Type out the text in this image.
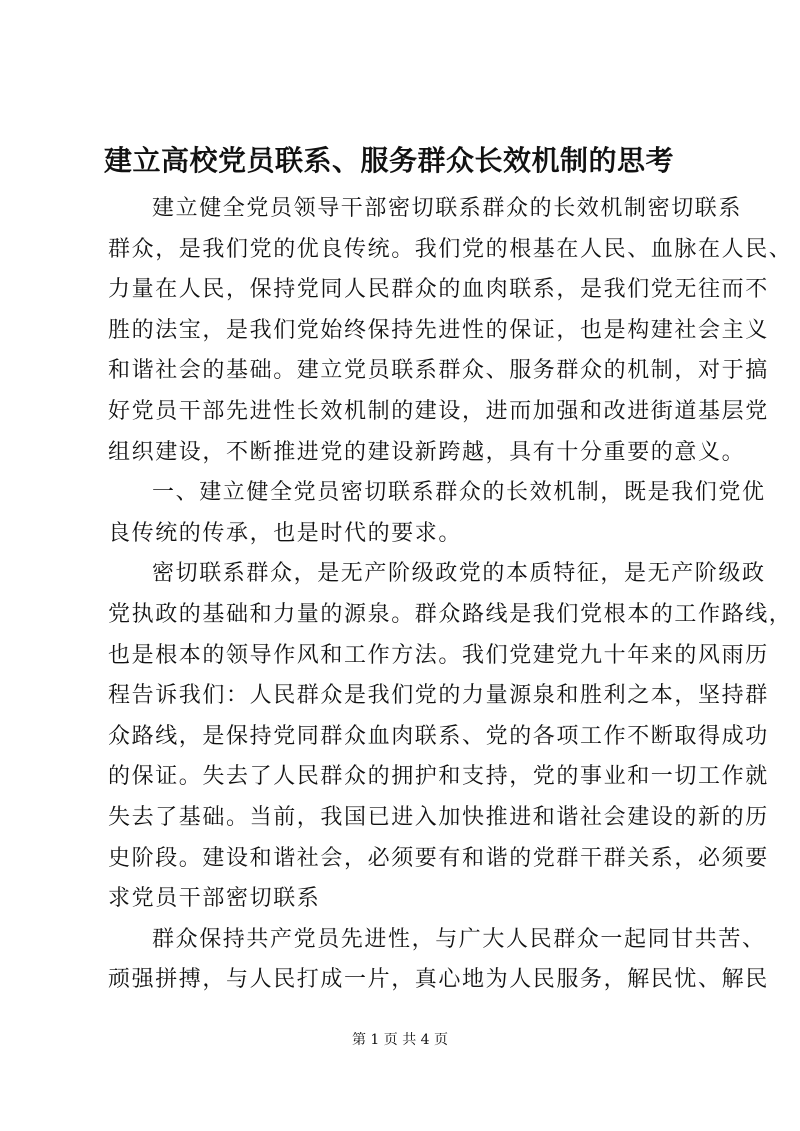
建立高校党员联系、服务群众长效机制的思考
建立健全党员领导干部密切联系群众的长效机制密切联系
群众，是我们党的优良传统。我们党的根基在人民、血脉在人民、
力量在人民，保持党同人民群众的血肉联系，是我们党无往而不
胜的法宝，是我们党始终保持先进性的保证，也是构建社会主义
和谐社会的基础。建立党员联系群众、服务群众的机制，对于搞
好党员干部先进性长效机制的建设，进而加强和改进街道基层党
组织建设，不断推进党的建设新跨越，具有十分重要的意义。
一、建立健全党员密切联系群众的长效机制，既是我们党优
良传统的传承，也是时代的要求。
密切联系群众，是无产阶级政党的本质特征，是无产阶级政
党执政的基础和力量的源泉。群众路线是我们党根本的工作路线，
也是根本的领导作风和工作方法。我们党建党九十年来的风雨历
程告诉我们：人民群众是我们党的力量源泉和胜利之本，坚持群
众路线，是保持党同群众血肉联系、党的各项工作不断取得成功
的保证。失去了人民群众的拥护和支持，党的事业和一切工作就
失去了基础。当前，我国已进入加快推进和谐社会建设的新的历
史阶段。建设和谐社会，必须要有和谐的党群干群关系，必须要
求党员干部密切联系
群众保持共产党员先进性，与广大人民群众一起同甘共苦、
顽强拼搏，与人民打成一片，真心地为人民服务，解民忧、解民
第 1 页 共 4 页
